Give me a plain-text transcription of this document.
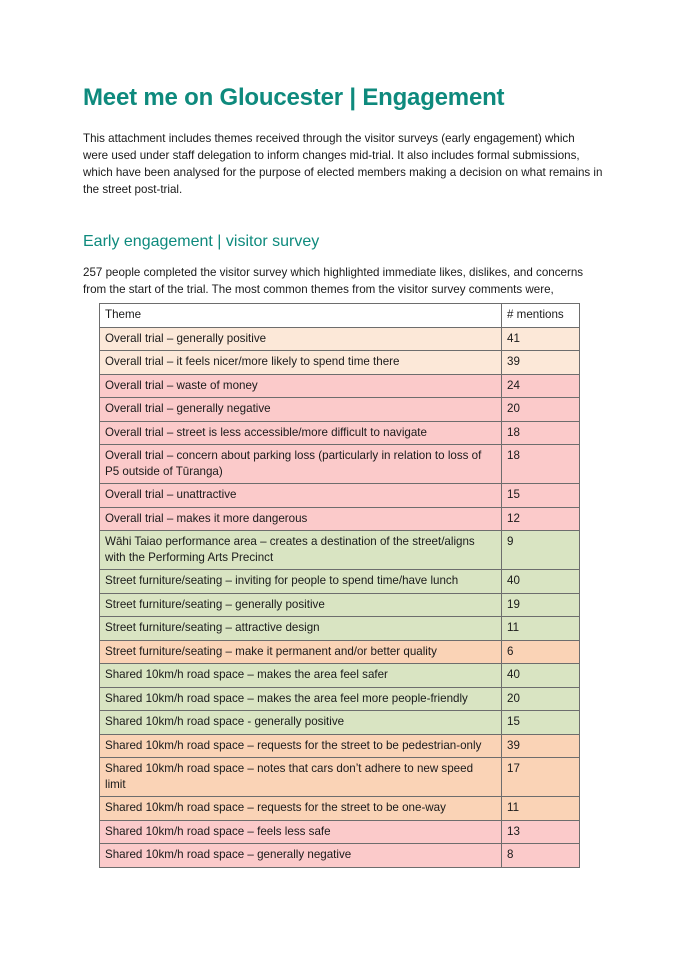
Meet me on Gloucester | Engagement

This attachment includes themes received through the visitor surveys (early engagement) which were used under staff delegation to inform changes mid-trial. It also includes formal submissions, which have been analysed for the purpose of elected members making a decision on what remains in the street post-trial.

Early engagement | visitor survey

257 people completed the visitor survey which highlighted immediate likes, dislikes, and concerns from the start of the trial. The most common themes from the visitor survey comments were,

Theme	# mentions
Overall trial – generally positive	41
Overall trial – it feels nicer/more likely to spend time there	39
Overall trial – waste of money	24
Overall trial – generally negative	20
Overall trial – street is less accessible/more difficult to navigate	18
Overall trial – concern about parking loss (particularly in relation to loss of P5 outside of Tūranga)	18
Overall trial – unattractive	15
Overall trial – makes it more dangerous	12
Wāhi Taiao performance area – creates a destination of the street/aligns with the Performing Arts Precinct	9
Street furniture/seating – inviting for people to spend time/have lunch	40
Street furniture/seating – generally positive	19
Street furniture/seating – attractive design	11
Street furniture/seating – make it permanent and/or better quality	6
Shared 10km/h road space – makes the area feel safer	40
Shared 10km/h road space – makes the area feel more people-friendly	20
Shared 10km/h road space - generally positive	15
Shared 10km/h road space – requests for the street to be pedestrian-only	39
Shared 10km/h road space – notes that cars don’t adhere to new speed limit	17
Shared 10km/h road space – requests for the street to be one-way	11
Shared 10km/h road space – feels less safe	13
Shared 10km/h road space – generally negative	8
